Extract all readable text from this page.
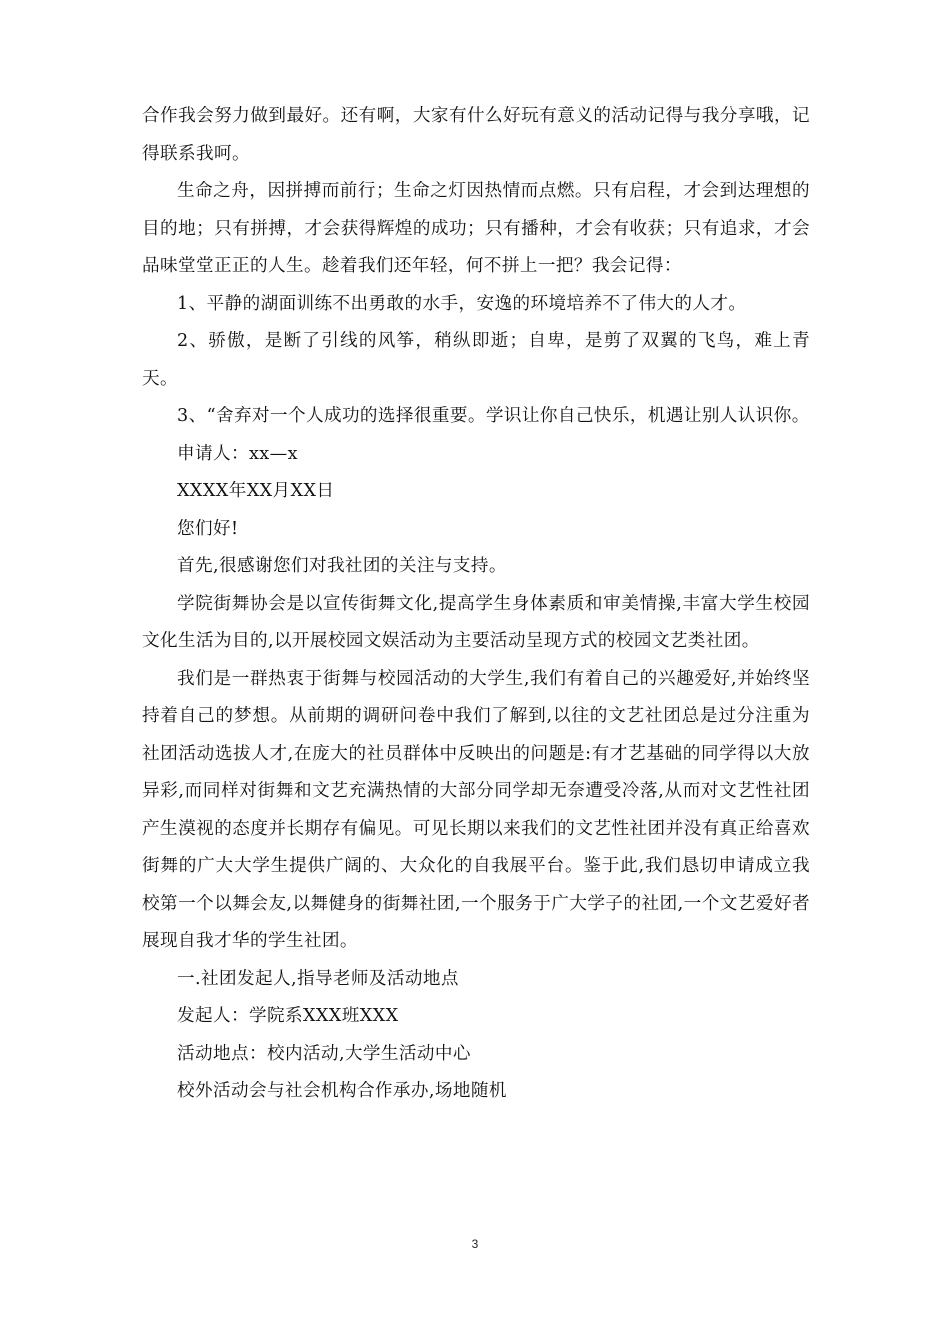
合作我会努力做到最好。还有啊，大家有什么好玩有意义的活动记得与我分享哦，记得联系我呵。

生命之舟，因拼搏而前行；生命之灯因热情而点燃。只有启程，才会到达理想的目的地；只有拼搏，才会获得辉煌的成功；只有播种，才会有收获；只有追求，才会品味堂堂正正的人生。趁着我们还年轻，何不拼上一把？我会记得：

1、平静的湖面训练不出勇敢的水手，安逸的环境培养不了伟大的人才。

2、骄傲，是断了引线的风筝，稍纵即逝；自卑，是剪了双翼的飞鸟，难上青天。

3、“舍弃对一个人成功的选择很重要。学识让你自己快乐，机遇让别人认识你。

申请人：xx—x

XXXX年XX月XX日

您们好!

首先,很感谢您们对我社团的关注与支持。

学院街舞协会是以宣传街舞文化,提高学生身体素质和审美情操,丰富大学生校园文化生活为目的,以开展校园文娱活动为主要活动呈现方式的校园文艺类社团。

我们是一群热衷于街舞与校园活动的大学生,我们有着自己的兴趣爱好,并始终坚持着自己的梦想。从前期的调研问卷中我们了解到,以往的文艺社团总是过分注重为社团活动选拔人才,在庞大的社员群体中反映出的问题是:有才艺基础的同学得以大放异彩,而同样对街舞和文艺充满热情的大部分同学却无奈遭受冷落,从而对文艺性社团产生漠视的态度并长期存有偏见。可见长期以来我们的文艺性社团并没有真正给喜欢街舞的广大大学生提供广阔的、大众化的自我展平台。鉴于此,我们恳切申请成立我校第一个以舞会友,以舞健身的街舞社团,一个服务于广大学子的社团,一个文艺爱好者展现自我才华的学生社团。

一.社团发起人,指导老师及活动地点

发起人：学院系XXX班XXX

活动地点：校内活动,大学生活动中心

校外活动会与社会机构合作承办,场地随机

3
